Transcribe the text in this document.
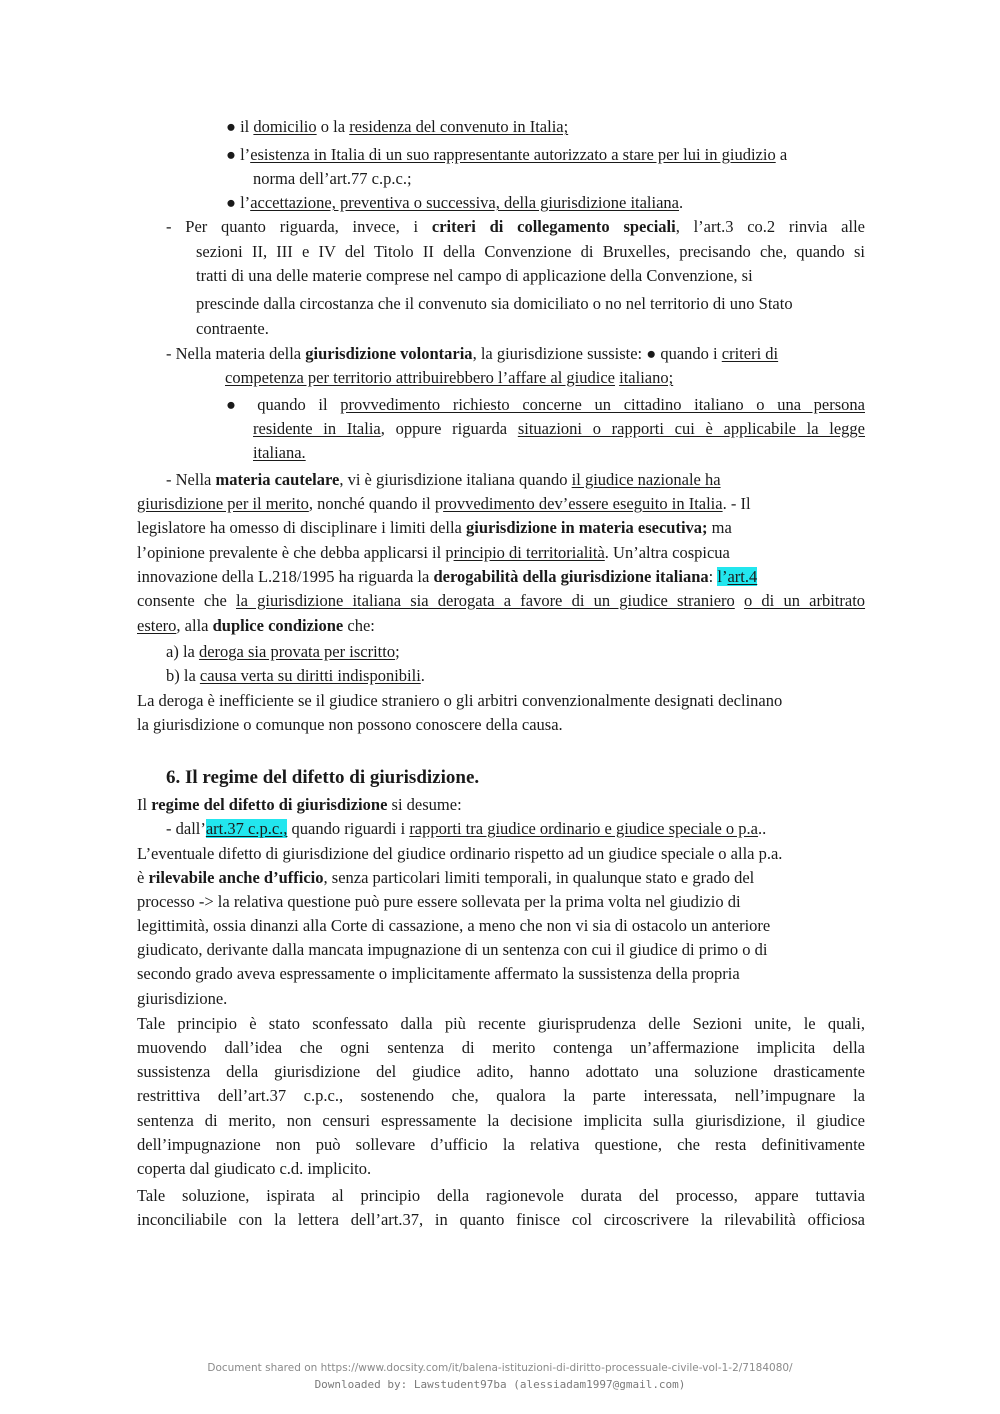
● il domicilio o la residenza del convenuto in Italia;
● l’esistenza in Italia di un suo rappresentante autorizzato a stare per lui in giudizio a
norma dell’art.77 c.p.c.;
● l’accettazione, preventiva o successiva, della giurisdizione italiana.
- Per quanto riguarda, invece, i criteri di collegamento speciali, l’art.3 co.2 rinvia alle
sezioni II, III e IV del Titolo II della Convenzione di Bruxelles, precisando che, quando si
tratti di una delle materie comprese nel campo di applicazione della Convenzione, si
prescinde dalla circostanza che il convenuto sia domiciliato o no nel territorio di uno Stato
contraente.
- Nella materia della giurisdizione volontaria, la giurisdizione sussiste: ● quando i criteri di
competenza per territorio attribuirebbero l’affare al giudice italiano;
● quando il provvedimento richiesto concerne un cittadino italiano o una persona
residente in Italia, oppure riguarda situazioni o rapporti cui è applicabile la legge
italiana.
- Nella materia cautelare, vi è giurisdizione italiana quando il giudice nazionale ha
giurisdizione per il merito, nonché quando il provvedimento dev’essere eseguito in Italia. - Il
legislatore ha omesso di disciplinare i limiti della giurisdizione in materia esecutiva; ma
l’opinione prevalente è che debba applicarsi il principio di territorialità. Un’altra cospicua
innovazione della L.218/1995 ha riguarda la derogabilità della giurisdizione italiana: l’art.4
consente che la giurisdizione italiana sia derogata a favore di un giudice straniero o di un arbitrato
estero, alla duplice condizione che:
a) la deroga sia provata per iscritto;
b) la causa verta su diritti indisponibili.
La deroga è inefficiente se il giudice straniero o gli arbitri convenzionalmente designati declinano
la giurisdizione o comunque non possono conoscere della causa.
6. Il regime del difetto di giurisdizione.
Il regime del difetto di giurisdizione si desume:
- dall’art.37 c.p.c., quando riguardi i rapporti tra giudice ordinario e giudice speciale o p.a..
L’eventuale difetto di giurisdizione del giudice ordinario rispetto ad un giudice speciale o alla p.a.
è rilevabile anche d’ufficio, senza particolari limiti temporali, in qualunque stato e grado del
processo -> la relativa questione può pure essere sollevata per la prima volta nel giudizio di
legittimità, ossia dinanzi alla Corte di cassazione, a meno che non vi sia di ostacolo un anteriore
giudicato, derivante dalla mancata impugnazione di un sentenza con cui il giudice di primo o di
secondo grado aveva espressamente o implicitamente affermato la sussistenza della propria
giurisdizione.
Tale principio è stato sconfessato dalla più recente giurisprudenza delle Sezioni unite, le quali,
muovendo dall’idea che ogni sentenza di merito contenga un’affermazione implicita della
sussistenza della giurisdizione del giudice adito, hanno adottato una soluzione drasticamente
restrittiva dell’art.37 c.p.c., sostenendo che, qualora la parte interessata, nell’impugnare la
sentenza di merito, non censuri espressamente la decisione implicita sulla giurisdizione, il giudice
dell’impugnazione non può sollevare d’ufficio la relativa questione, che resta definitivamente
coperta dal giudicato c.d. implicito.
Tale soluzione, ispirata al principio della ragionevole durata del processo, appare tuttavia
inconciliabile con la lettera dell’art.37, in quanto finisce col circoscrivere la rilevabilità officiosa
Document shared on https://www.docsity.com/it/balena-istituzioni-di-diritto-processuale-civile-vol-1-2/7184080/
Downloaded by: Lawstudent97ba (alessiadam1997@gmail.com)
